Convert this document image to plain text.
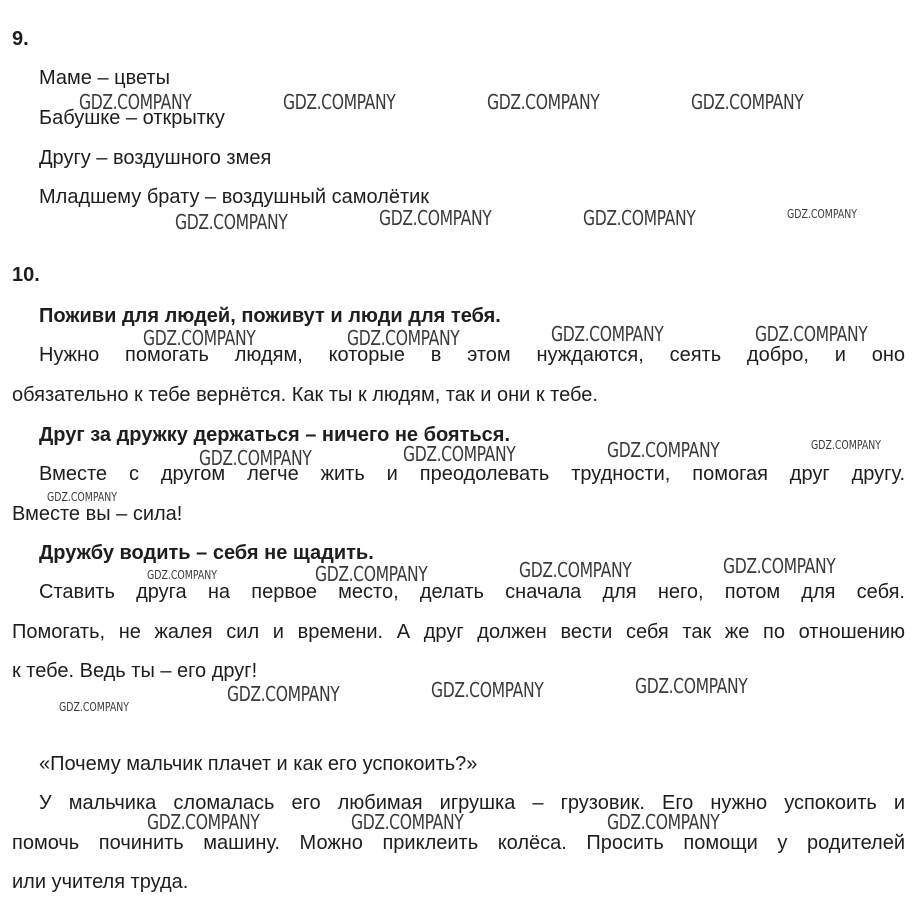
9.
Маме – цветы
Бабушке – открытку
Другу – воздушного змея
Младшему брату – воздушный самолётик
10.
Поживи для людей, поживут и люди для тебя.
Нужно помогать людям, которые в этом нуждаются, сеять добро, и оно
обязательно к тебе вернётся. Как ты к людям, так и они к тебе.
Друг за дружку держаться – ничего не бояться.
Вместе с другом легче жить и преодолевать трудности, помогая друг другу.
Вместе вы – сила!
Дружбу водить – себя не щадить.
Ставить друга на первое место, делать сначала для него, потом для себя.
Помогать, не жалея сил и времени. А друг должен вести себя так же по отношению
к тебе. Ведь ты – его друг!
«Почему мальчик плачет и как его успокоить?»
У мальчика сломалась его любимая игрушка – грузовик. Его нужно успокоить и
помочь починить машину. Можно приклеить колёса. Просить помощи у родителей
или учителя труда.
GDZ.COMPANY	GDZ.COMPANY	GDZ.COMPANY	GDZ.COMPANY
GDZ.COMPANY	GDZ.COMPANY	GDZ.COMPANY	GDZ.COMPANY
GDZ.COMPANY	GDZ.COMPANY	GDZ.COMPANY	GDZ.COMPANY
GDZ.COMPANY	GDZ.COMPANY	GDZ.COMPANY	GDZ.COMPANY
GDZ.COMPANY
GDZ.COMPANY	GDZ.COMPANY	GDZ.COMPANY	GDZ.COMPANY
GDZ.COMPANY	GDZ.COMPANY	GDZ.COMPANY
GDZ.COMPANY
GDZ.COMPANY	GDZ.COMPANY	GDZ.COMPANY
